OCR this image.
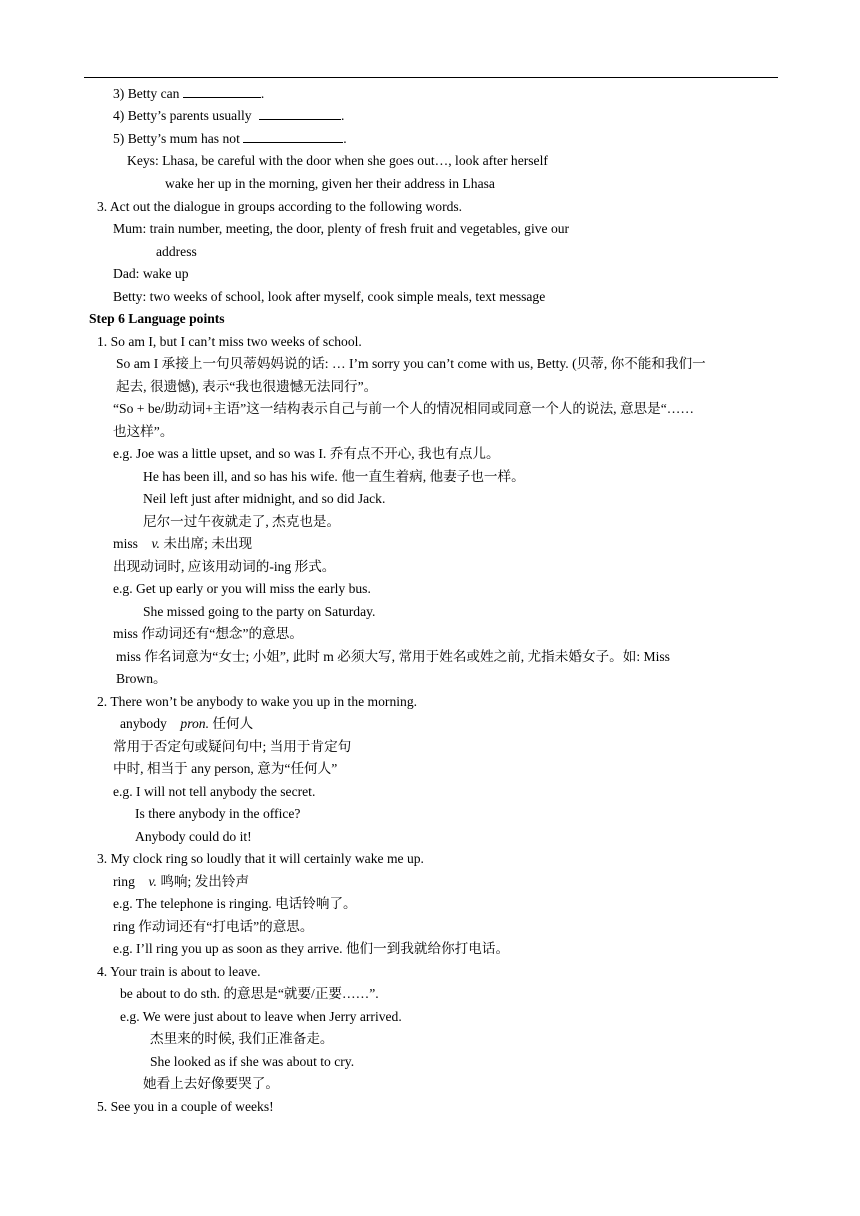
3) Betty can	.
4) Betty’s parents usually	.
5) Betty’s mum has not	.
Keys: Lhasa, be careful with the door when she goes out…, look after herself
wake her up in the morning, given her their address in Lhasa
3. Act out the dialogue in groups according to the following words.
Mum: train number, meeting, the door, plenty of fresh fruit and vegetables, give our
address
Dad: wake up
Betty: two weeks of school, look after myself, cook simple meals, text message
Step 6 Language points
1. So am I, but I can’t miss two weeks of school.
So am I 承接上一句贝蒂妈妈说的话: … I’m sorry you can’t come with us, Betty. (贝蒂, 你不能和我们一
起去, 很遗憾), 表示“我也很遗憾无法同行”。
“So + be/助动词+主语”这一结构表示自己与前一个人的情况相同或同意一个人的说法, 意思是“……
也这样”。
e.g. Joe was a little upset, and so was I. 乔有点不开心, 我也有点儿。
He has been ill, and so has his wife. 他一直生着病, 他妻子也一样。
Neil left just after midnight, and so did Jack.
尼尔一过午夜就走了, 杰克也是。
miss v. 未出席; 未出现
出现动词时, 应该用动词的-ing 形式。
e.g. Get up early or you will miss the early bus.
She missed going to the party on Saturday.
miss 作动词还有“想念”的意思。
miss 作名词意为“女士; 小姐”, 此时 m 必须大写, 常用于姓名或姓之前, 尤指未婚女子。如: Miss
Brown。
2. There won’t be anybody to wake you up in the morning.
anybody pron. 任何人
常用于否定句或疑问句中; 当用于肯定句
中时, 相当于 any person, 意为“任何人”
e.g. I will not tell anybody the secret.
Is there anybody in the office?
Anybody could do it!
3. My clock ring so loudly that it will certainly wake me up.
ring v. 鸣响; 发出铃声
e.g. The telephone is ringing. 电话铃响了。
ring 作动词还有“打电话”的意思。
e.g. I’ll ring you up as soon as they arrive. 他们一到我就给你打电话。
4. Your train is about to leave.
be about to do sth. 的意思是“就要/正要……”.
e.g. We were just about to leave when Jerry arrived.
杰里来的时候, 我们正准备走。
She looked as if she was about to cry.
她看上去好像要哭了。
5. See you in a couple of weeks!
